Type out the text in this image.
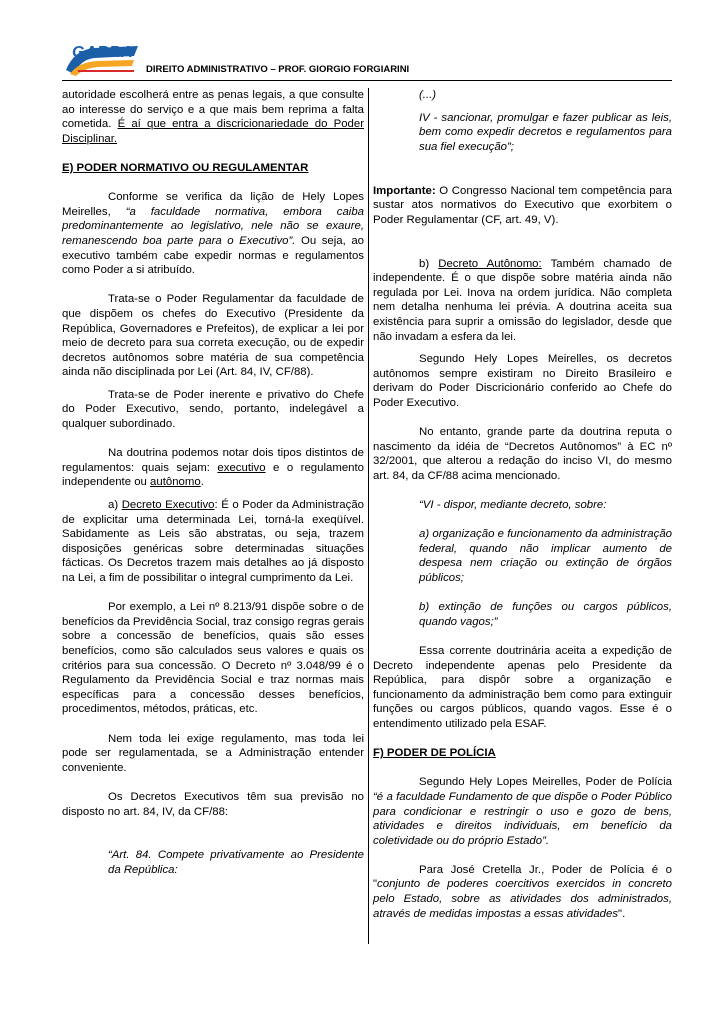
GARRA
DIREITO ADMINISTRATIVO – PROF. GIORGIO FORGIARINI

autoridade escolherá entre as penas legais, a que consulte ao interesse do serviço e a que mais bem reprima a falta cometida. É aí que entra a discricionariedade do Poder Disciplinar.

E) PODER NORMATIVO OU REGULAMENTAR

Conforme se verifica da lição de Hely Lopes Meirelles, “a faculdade normativa, embora caiba predominantemente ao legislativo, nele não se exaure, remanescendo boa parte para o Executivo”. Ou seja, ao executivo também cabe expedir normas e regulamentos como Poder a si atribuído.

Trata-se o Poder Regulamentar da faculdade de que dispõem os chefes do Executivo (Presidente da República, Governadores e Prefeitos), de explicar a lei por meio de decreto para sua correta execução, ou de expedir decretos autônomos sobre matéria de sua competência ainda não disciplinada por Lei (Art. 84, IV, CF/88).

Trata-se de Poder inerente e privativo do Chefe do Poder Executivo, sendo, portanto, indelegável a qualquer subordinado.

Na doutrina podemos notar dois tipos distintos de regulamentos: quais sejam: executivo e o regulamento independente ou autônomo.

a) Decreto Executivo: É o Poder da Administração de explicitar uma determinada Lei, torná-la exeqüível. Sabidamente as Leis são abstratas, ou seja, trazem disposições genéricas sobre determinadas situações fácticas. Os Decretos trazem mais detalhes ao já disposto na Lei, a fim de possibilitar o integral cumprimento da Lei.

Por exemplo, a Lei nº 8.213/91 dispõe sobre o de benefícios da Previdência Social, traz consigo regras gerais sobre a concessão de benefícios, quais são esses benefícios, como são calculados seus valores e quais os critérios para sua concessão. O Decreto nº 3.048/99 é o Regulamento da Previdência Social e traz normas mais específicas para a concessão desses benefícios, procedimentos, métodos, práticas, etc.

Nem toda lei exige regulamento, mas toda lei pode ser regulamentada, se a Administração entender conveniente.

Os Decretos Executivos têm sua previsão no disposto no art. 84, IV, da CF/88:

“Art. 84. Compete privativamente ao Presidente da República:

(...)

IV - sancionar, promulgar e fazer publicar as leis, bem como expedir decretos e regulamentos para sua fiel execução”;

Importante: O Congresso Nacional tem competência para sustar atos normativos do Executivo que exorbitem o Poder Regulamentar (CF, art. 49, V).

b) Decreto Autônomo: Também chamado de independente. É o que dispõe sobre matéria ainda não regulada por Lei. Inova na ordem jurídica. Não completa nem detalha nenhuma lei prévia. A doutrina aceita sua existência para suprir a omissão do legislador, desde que não invadam a esfera da lei.

Segundo Hely Lopes Meirelles, os decretos autônomos sempre existiram no Direito Brasileiro e derivam do Poder Discricionário conferido ao Chefe do Poder Executivo.

No entanto, grande parte da doutrina reputa o nascimento da idéia de “Decretos Autônomos” à EC nº 32/2001, que alterou a redação do inciso VI, do mesmo art. 84, da CF/88 acima mencionado.

“VI - dispor, mediante decreto, sobre:

a) organização e funcionamento da administração federal, quando não implicar aumento de despesa nem criação ou extinção de órgãos públicos;

b) extinção de funções ou cargos públicos, quando vagos;”

Essa corrente doutrinária aceita a expedição de Decreto independente apenas pelo Presidente da República, para dispôr sobre a organização e funcionamento da administração bem como para extinguir funções ou cargos públicos, quando vagos. Esse é o entendimento utilizado pela ESAF.

F) PODER DE POLÍCIA

Segundo Hely Lopes Meirelles, Poder de Polícia “é a faculdade Fundamento de que dispõe o Poder Público para condicionar e restringir o uso e gozo de bens, atividades e direitos individuais, em benefício da coletividade ou do próprio Estado”.

Para José Cretella Jr., Poder de Polícia é o "conjunto de poderes coercitivos exercidos in concreto pelo Estado, sobre as atividades dos administrados, através de medidas impostas a essas atividades".
